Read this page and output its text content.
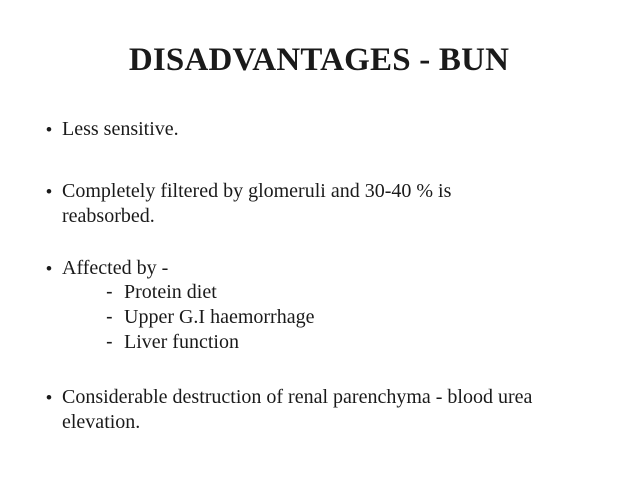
DISADVANTAGES - BUN
• Less sensitive.
• Completely filtered by glomeruli and 30-40 % is
reabsorbed.
• Affected by -
- Protein diet
- Upper G.I haemorrhage
- Liver function
• Considerable destruction of renal parenchyma - blood urea
elevation.
